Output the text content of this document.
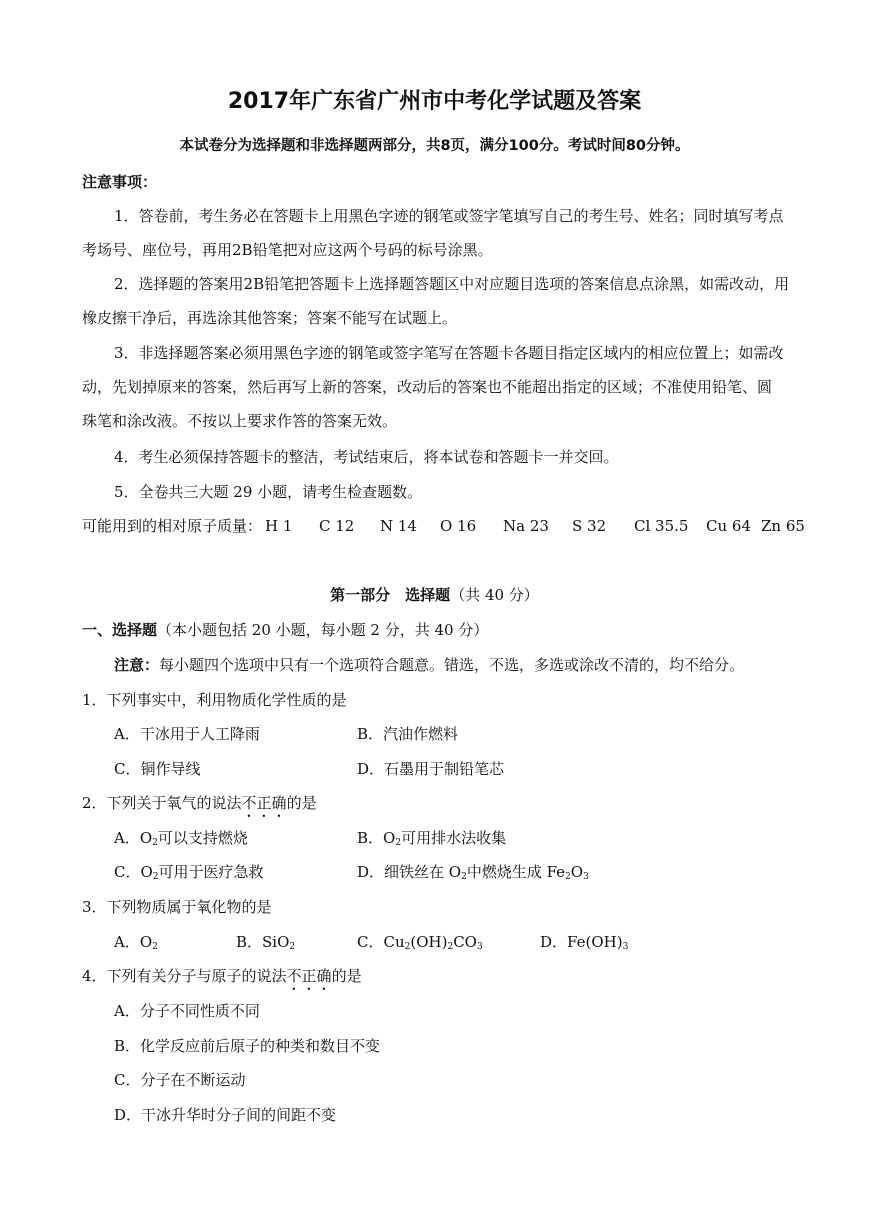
2017年广东省广州市中考化学试题及答案
本试卷分为选择题和非选择题两部分，共8页，满分100分。考试时间80分钟。
注意事项：
1．答卷前，考生务必在答题卡上用黑色字迹的钢笔或签字笔填写自己的考生号、姓名；同时填写考点
考场号、座位号，再用2B铅笔把对应这两个号码的标号涂黑。
2．选择题的答案用2B铅笔把答题卡上选择题答题区中对应题目选项的答案信息点涂黑，如需改动，用
橡皮擦干净后，再选涂其他答案；答案不能写在试题上。
3．非选择题答案必须用黑色字迹的钢笔或签字笔写在答题卡各题目指定区域内的相应位置上；如需改
动，先划掉原来的答案，然后再写上新的答案，改动后的答案也不能超出指定的区域；不准使用铅笔、圆
珠笔和涂改液。不按以上要求作答的答案无效。
4．考生必须保持答题卡的整洁，考试结束后，将本试卷和答题卡一并交回。
5．全卷共三大题 29 小题，请考生检查题数。
可能用到的相对原子质量： H 1 C 12 N 14 O 16 Na 23 S 32 Cl 35.5 Cu 64 Zn 65
第一部分　选择题（共 40 分）
一、选择题（本小题包括 20 小题，每小题 2 分，共 40 分）
注意：每小题四个选项中只有一个选项符合题意。错选，不选，多选或涂改不清的，均不给分。
1．下列事实中，利用物质化学性质的是
A．干冰用于人工降雨	B．汽油作燃料
C．铜作导线	D．石墨用于制铅笔芯
2．下列关于氧气的说法不正确的是
A．$O_2$可以支持燃烧	B．$O_2$可用排水法收集
C．$O_2$可用于医疗急救	D．细铁丝在 $O_2$中燃烧生成 $Fe_2O_3$
3．下列物质属于氧化物的是
A．$O_2$	B．SiO$_2$	C．$Cu_2(OH)_2CO_3$	D．$Fe(OH)_3$
4．下列有关分子与原子的说法不正确的是
A．分子不同性质不同
B．化学反应前后原子的种类和数目不变
C．分子在不断运动
D．干冰升华时分子间的间距不变
